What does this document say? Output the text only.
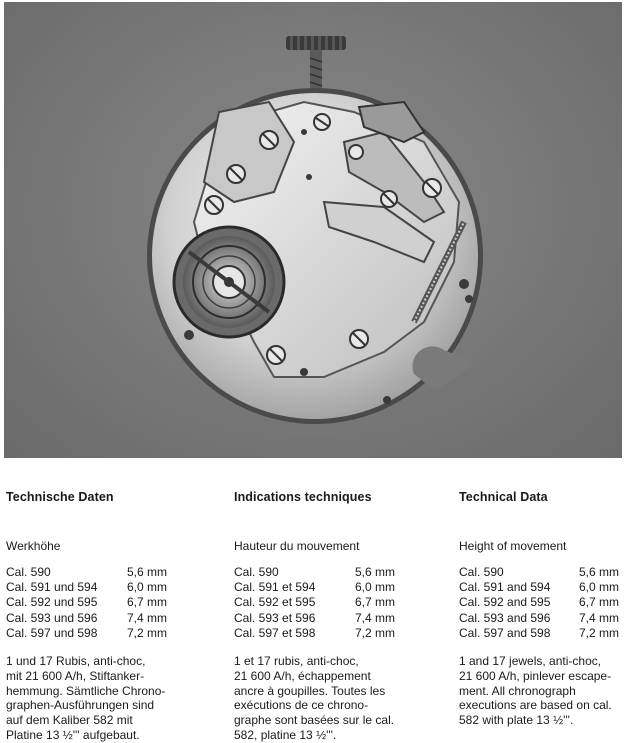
Technische Daten
Werkhöhe
Cal. 590	5,6 mm
Cal. 591 und 594	6,0 mm
Cal. 592 und 595	6,7 mm
Cal. 593 und 596	7,4 mm
Cal. 597 und 598	7,2 mm
1 und 17 Rubis, anti-choc,
mit 21 600 A/h, Stiftanker-
hemmung. Sämtliche Chrono-
graphen-Ausführungen sind
auf dem Kaliber 582 mit
Platine 13 ½''' aufgebaut.
Indications techniques
Hauteur du mouvement
Cal. 590	5,6 mm
Cal. 591 et 594	6,0 mm
Cal. 592 et 595	6,7 mm
Cal. 593 et 596	7,4 mm
Cal. 597 et 598	7,2 mm
1 et 17 rubis, anti-choc,
21 600 A/h, échappement
ancre à goupilles. Toutes les
exécutions de ce chrono-
graphe sont basées sur le cal.
582, platine 13 ½'''.
Technical Data
Height of movement
Cal. 590	5,6 mm
Cal. 591 and 594	6,0 mm
Cal. 592 and 595	6,7 mm
Cal. 593 and 596	7,4 mm
Cal. 597 and 598	7,2 mm
1 and 17 jewels, anti-choc,
21 600 A/h, pinlever escape-
ment. All chronograph
executions are based on cal.
582 with plate 13 ½'''.
